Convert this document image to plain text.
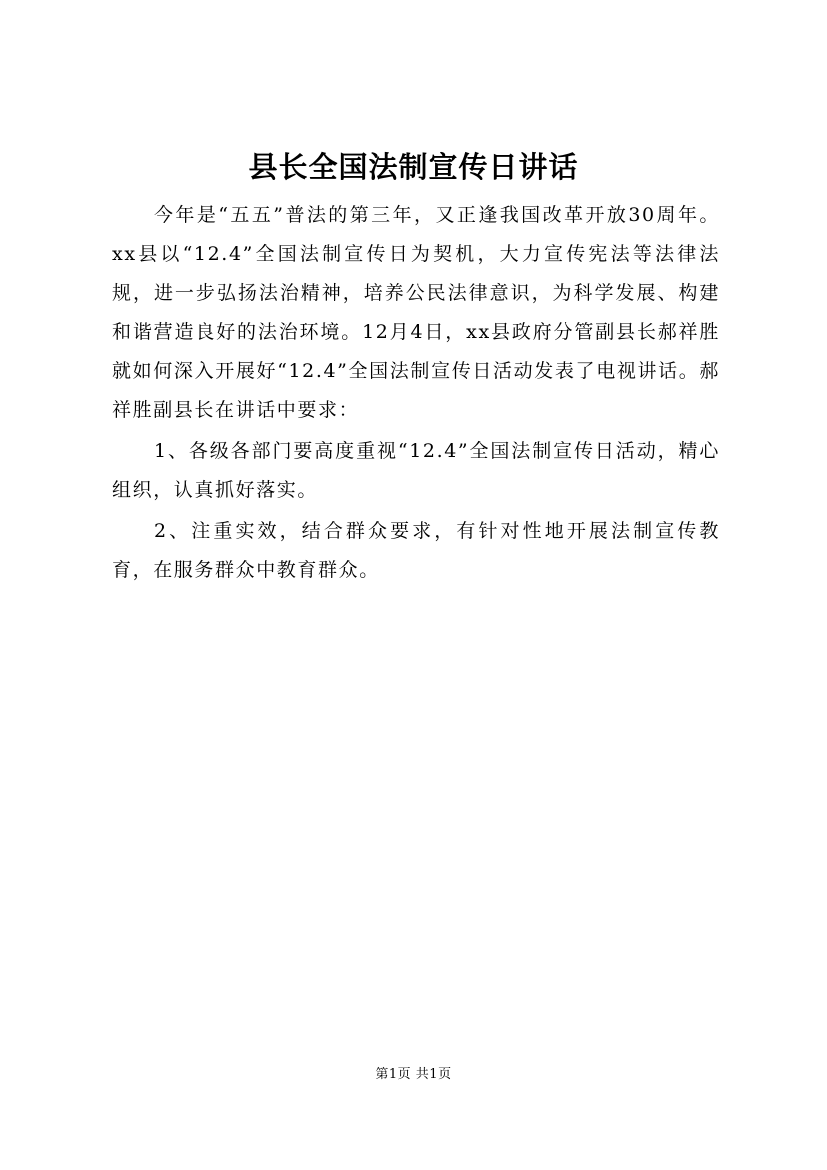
县长全国法制宣传日讲话

今年是“五五”普法的第三年，又正逢我国改革开放30周年。xx县以“12.4”全国法制宣传日为契机，大力宣传宪法等法律法规，进一步弘扬法治精神，培养公民法律意识，为科学发展、构建和谐营造良好的法治环境。12月4日，xx县政府分管副县长郝祥胜就如何深入开展好“12.4”全国法制宣传日活动发表了电视讲话。郝祥胜副县长在讲话中要求：

1、各级各部门要高度重视“12.4”全国法制宣传日活动，精心组织，认真抓好落实。

2、注重实效，结合群众要求，有针对性地开展法制宣传教育，在服务群众中教育群众。

第1页 共1页
